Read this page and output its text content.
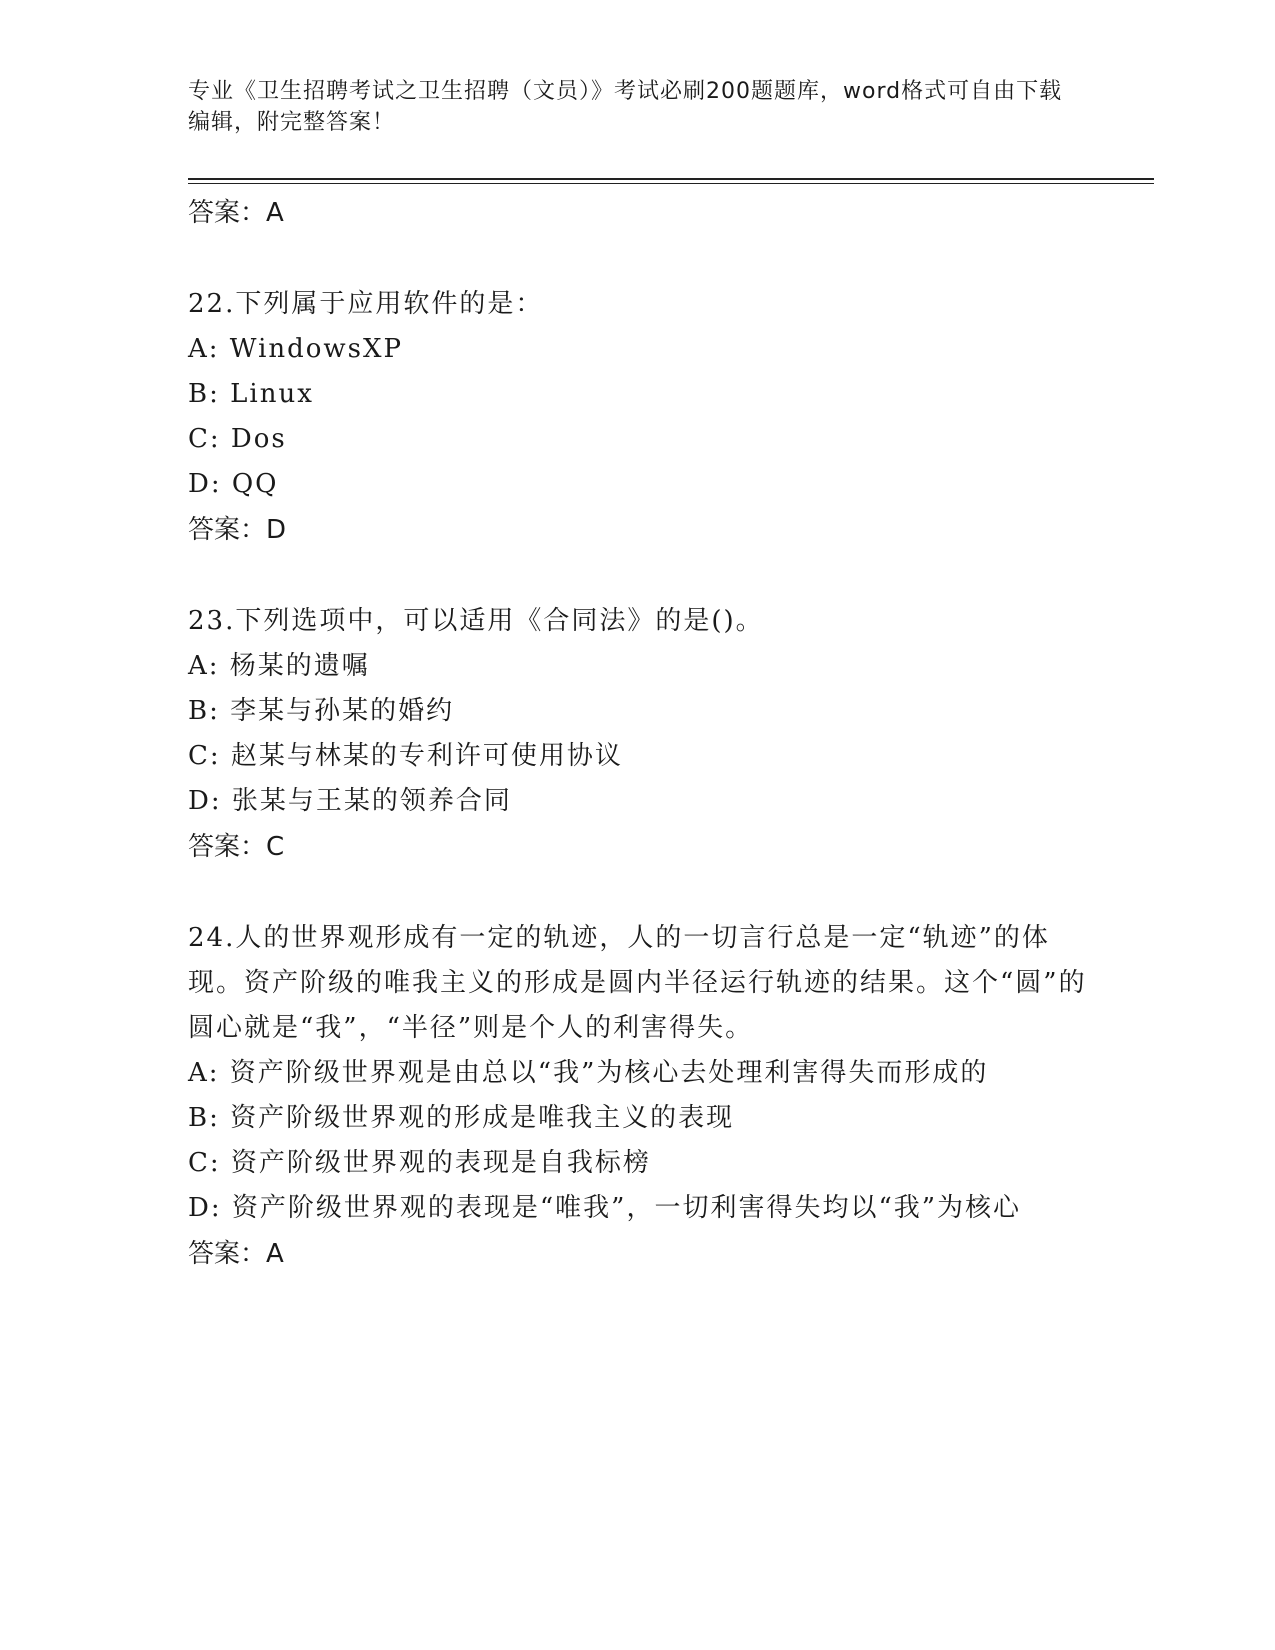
专业《卫生招聘考试之卫生招聘（文员）》考试必刷200题题库，word格式可自由下载编辑，附完整答案！
答案：A
22.下列属于应用软件的是：
A: WindowsXP
B: Linux
C: Dos
D: QQ
答案：D
23.下列选项中，可以适用《合同法》的是()。
A: 杨某的遗嘱
B: 李某与孙某的婚约
C: 赵某与林某的专利许可使用协议
D: 张某与王某的领养合同
答案：C
24.人的世界观形成有一定的轨迹，人的一切言行总是一定“轨迹”的体现。资产阶级的唯我主义的形成是圆内半径运行轨迹的结果。这个“圆”的圆心就是“我”，“半径”则是个人的利害得失。
A: 资产阶级世界观是由总以“我”为核心去处理利害得失而形成的
B: 资产阶级世界观的形成是唯我主义的表现
C: 资产阶级世界观的表现是自我标榜
D: 资产阶级世界观的表现是“唯我”，一切利害得失均以“我”为核心
答案：A
